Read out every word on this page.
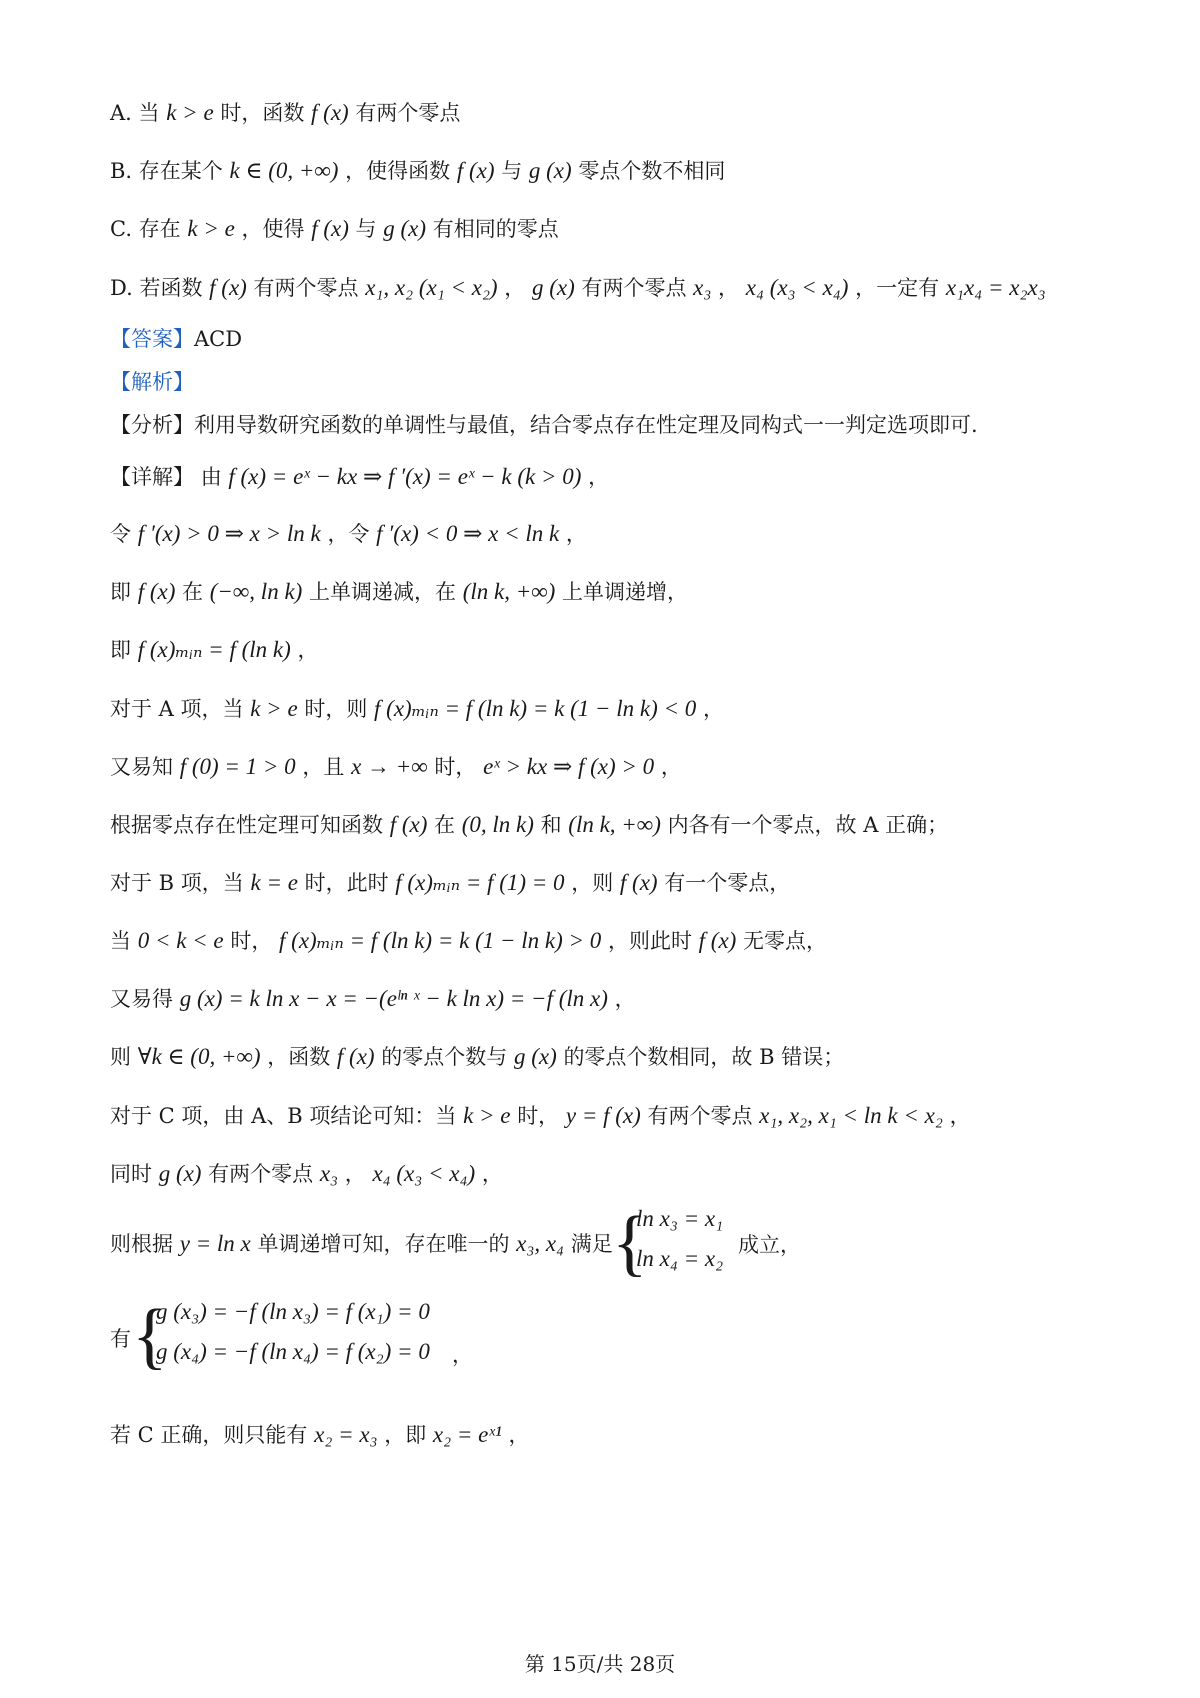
A. 当 k > e 时，函数 f (x) 有两个零点
B. 存在某个 k ∈ (0, +∞) ，使得函数 f (x) 与 g (x) 零点个数不相同
C. 存在 k > e ，使得 f (x) 与 g (x) 有相同的零点
D. 若函数 f (x) 有两个零点 x₁, x₂ (x₁ < x₂) ， g (x) 有两个零点 x₃ ， x₄ (x₃ < x₄) ，一定有 x₁x₄ = x₂x₃
【答案】ACD
【解析】
【分析】利用导数研究函数的单调性与最值，结合零点存在性定理及同构式一一判定选项即可.
【详解】 由 f (x) = eˣ − kx ⇒ f ′(x) = eˣ − k (k > 0) ，
令 f ′(x) > 0 ⇒ x > ln k ，令 f ′(x) < 0 ⇒ x < ln k ，
即 f (x) 在 (−∞, ln k) 上单调递减，在 (ln k, +∞) 上单调递增，
即 f (x)ₘᵢₙ = f (ln k) ，
对于 A 项，当 k > e 时，则 f (x)ₘᵢₙ = f (ln k) = k (1 − ln k) < 0 ，
又易知 f (0) = 1 > 0 ，且 x → +∞ 时， eˣ > kx ⇒ f (x) > 0 ，
根据零点存在性定理可知函数 f (x) 在 (0, ln k) 和 (ln k, +∞) 内各有一个零点，故 A 正确；
对于 B 项，当 k = e 时，此时 f (x)ₘᵢₙ = f (1) = 0 ，则 f (x) 有一个零点，
当 0 < k < e 时， f (x)ₘᵢₙ = f (ln k) = k (1 − ln k) > 0 ，则此时 f (x) 无零点，
又易得 g (x) = k ln x − x = −(eˡⁿ ˣ − k ln x) = −f (ln x) ，
则 ∀k ∈ (0, +∞) ，函数 f (x) 的零点个数与 g (x) 的零点个数相同，故 B 错误；
对于 C 项，由 A、B 项结论可知：当 k > e 时， y = f (x) 有两个零点 x₁, x₂, x₁ < ln k < x₂ ，
同时 g (x) 有两个零点 x₃ ， x₄ (x₃ < x₄) ，
则根据 y = ln x 单调递增可知，存在唯一的 x₃, x₄ 满足 {
ln x₃ = x₁
ln x₄ = x₂
成立，
有 {
g (x₃) = −f (ln x₃) = f (x₁) = 0
g (x₄) = −f (ln x₄) = f (x₂) = 0 ，
若 C 正确，则只能有 x₂ = x₃ ，即 x₂ = eˣ¹ ，
第 15页/共 28页
